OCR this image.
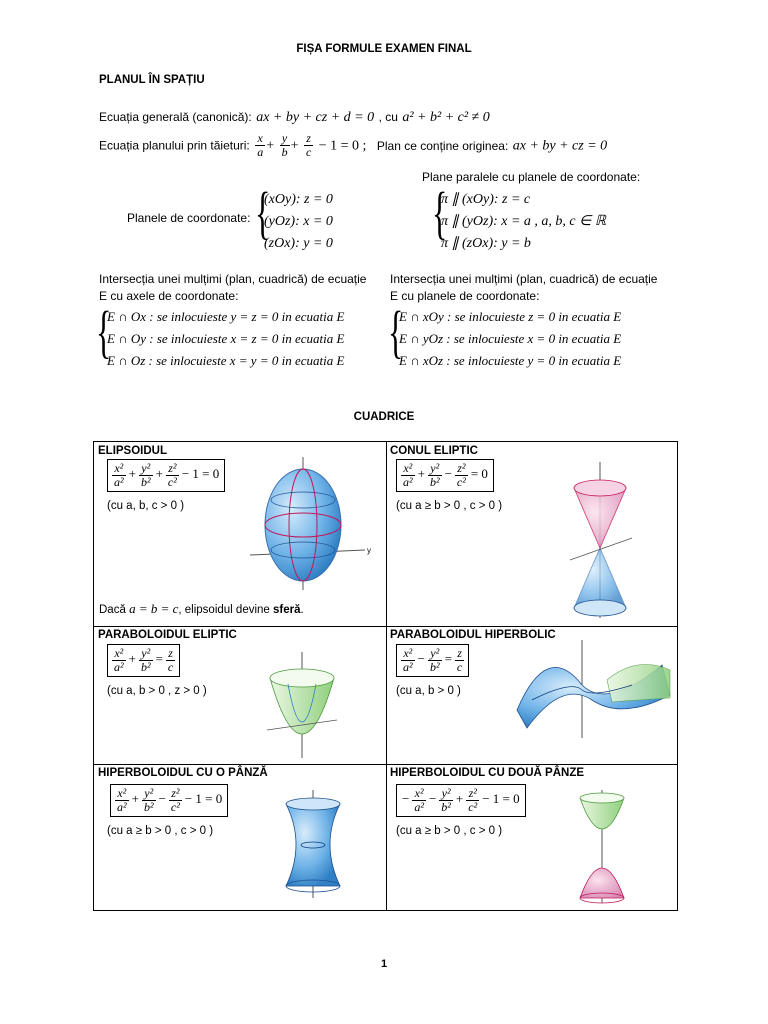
FIȘA FORMULE EXAMEN FINAL
PLANUL ÎN SPAȚIU
Ecuația generală (canonică): ax + by + cz + d = 0 , cu a² + b² + c² ≠ 0
Ecuația planului prin tăieturi: $\frac{x}{a} + \frac{y}{b} + \frac{z}{c} - 1 = 0$ ; Plan ce conține originea: ax + by + cz = 0
Planele de coordonate: {
(xOy): z = 0
(yOz): x = 0
(zOx): y = 0
Plane paralele cu planele de coordonate:
{
π ∥ (xOy): z = c
π ∥ (yOz): x = a , a, b, c ∈ ℝ
π ∥ (zOx): y = b
Intersecția unei mulțimi (plan, cuadrică) de ecuație
E cu axele de coordonate:
{
E ∩ Ox : se inlocuieste y = z = 0 in ecuatia E
E ∩ Oy : se inlocuieste x = z = 0 in ecuatia E
E ∩ Oz : se inlocuieste x = y = 0 in ecuatia E
Intersecția unei mulțimi (plan, cuadrică) de ecuație
E cu planele de coordonate:
{
E ∩ xOy : se inlocuieste z = 0 in ecuatia E
E ∩ yOz : se inlocuieste x = 0 in ecuatia E
E ∩ xOz : se inlocuieste y = 0 in ecuatia E
CUADRICE

ELIPSOIDUL
$\frac{\text{x²}}{\text{a²}} + \frac{\text{y²}}{\text{b²}} + \frac{\text{z²}}{\text{c²}} - 1 = 0$
(cu a, b, c > 0 )
Dacă a = b = c, elipsoidul devine sferă.
y
CONUL ELIPTIC
$\frac{\text{x²}}{\text{a²}} + \frac{\text{y²}}{\text{b²}} - \frac{\text{z²}}{\text{c²}} = 0$
(cu a ≥ b > 0 , c > 0 )
PARABOLOIDUL ELIPTIC
$\frac{\text{x²}}{\text{a²}} + \frac{\text{y²}}{\text{b²}} = \frac{z}{c}$
(cu a, b > 0 , z > 0 )
PARABOLOIDUL HIPERBOLIC
$\frac{\text{x²}}{\text{a²}} - \frac{\text{y²}}{\text{b²}} = \frac{z}{c}$
(cu a, b > 0 )
HIPERBOLOIDUL CU O PÂNZĂ
$\frac{\text{x²}}{\text{a²}} + \frac{\text{y²}}{\text{b²}} - \frac{\text{z²}}{\text{c²}} - 1 = 0$
(cu a ≥ b > 0 , c > 0 )
HIPERBOLOIDUL CU DOUĂ PÂNZE
− $\frac{\text{x²}}{\text{a²}} - \frac{\text{y²}}{\text{b²}} + \frac{\text{z²}}{\text{c²}} - 1 = 0$
(cu a ≥ b > 0 , c > 0 )
1
